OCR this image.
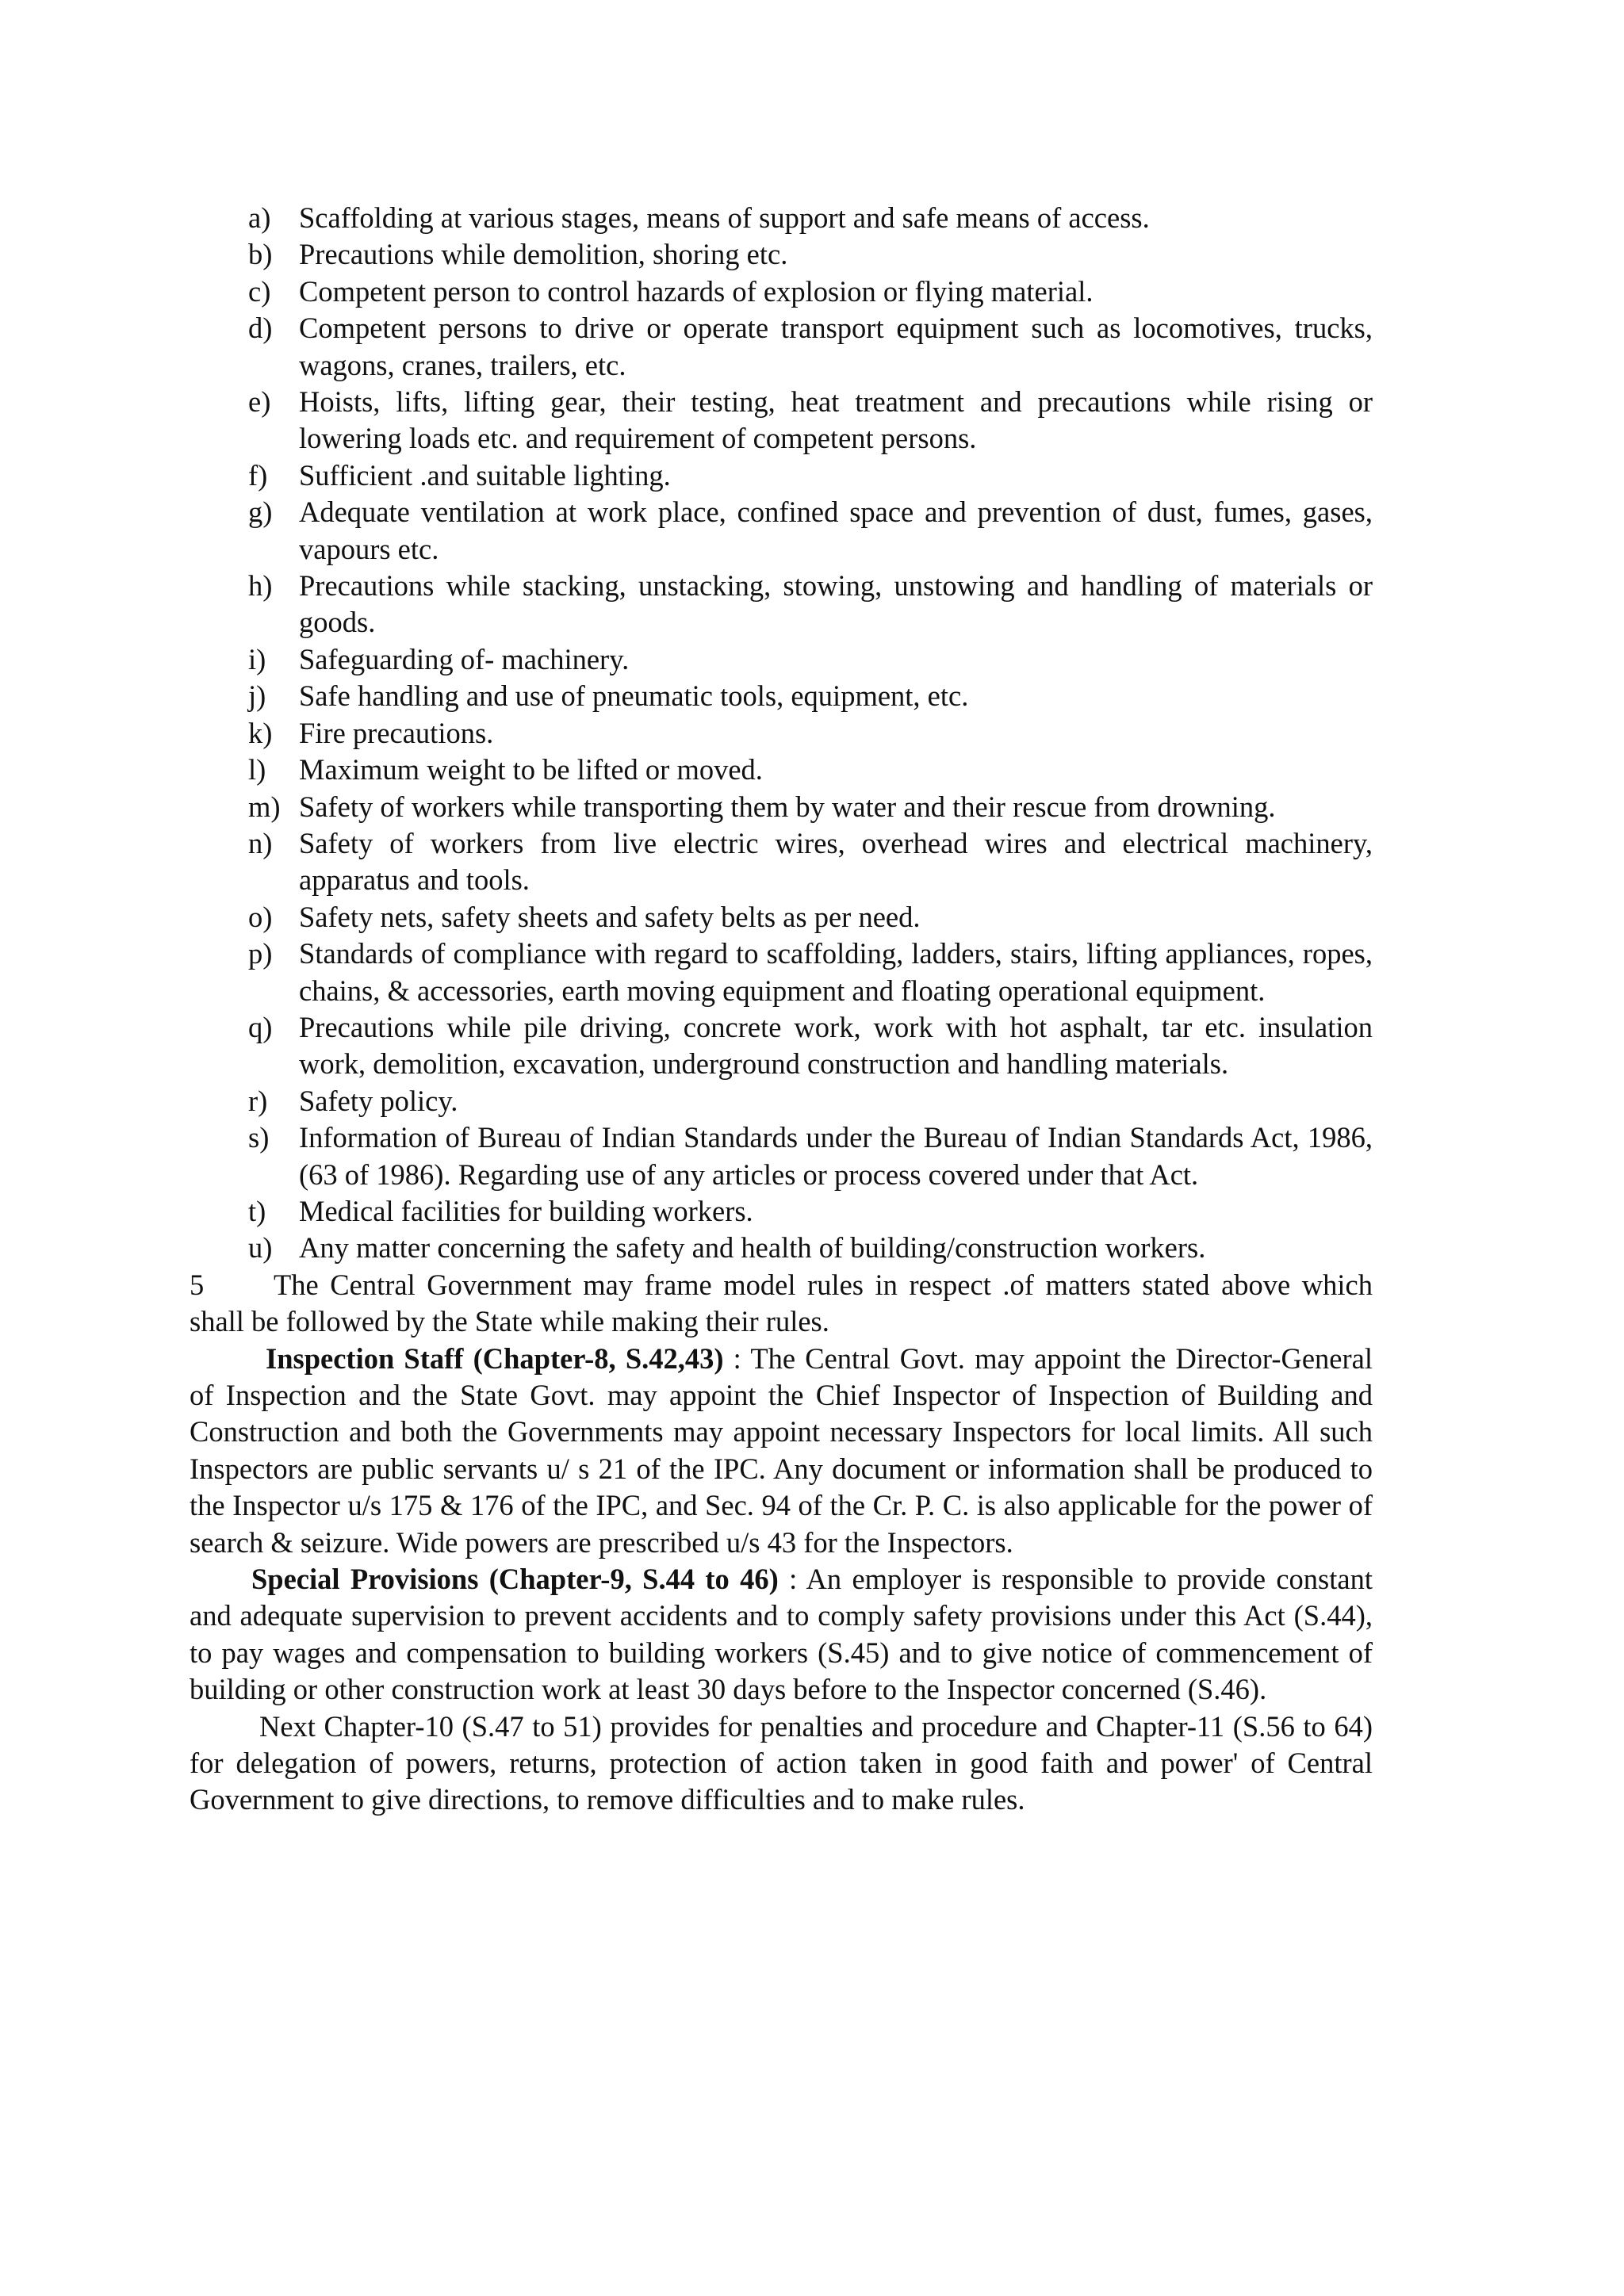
a) Scaffolding at various stages, means of support and safe means of access.
b) Precautions while demolition, shoring etc.
c) Competent person to control hazards of explosion or flying material.
d) Competent persons to drive or operate transport equipment such as locomotives, trucks, wagons, cranes, trailers, etc.
e) Hoists, lifts, lifting gear, their testing, heat treatment and precautions while rising or lowering loads etc. and requirement of competent persons.
f) Sufficient .and suitable lighting.
g) Adequate ventilation at work place, confined space and prevention of dust, fumes, gases, vapours etc.
h) Precautions while stacking, unstacking, stowing, unstowing and handling of materials or goods.
i) Safeguarding of- machinery.
j) Safe handling and use of pneumatic tools, equipment, etc.
k) Fire precautions.
l) Maximum weight to be lifted or moved.
m) Safety of workers while transporting them by water and their rescue from drowning.
n) Safety of workers from live electric wires, overhead wires and electrical machinery, apparatus and tools.
o) Safety nets, safety sheets and safety belts as per need.
p) Standards of compliance with regard to scaffolding, ladders, stairs, lifting appliances, ropes, chains, & accessories, earth moving equipment and floating operational equipment.
q) Precautions while pile driving, concrete work, work with hot asphalt, tar etc. insulation work, demolition, excavation, underground construction and handling materials.
r) Safety policy.
s) Information of Bureau of Indian Standards under the Bureau of Indian Standards Act, 1986, (63 of 1986). Regarding use of any articles or process covered under that Act.
t) Medical facilities for building workers.
u) Any matter concerning the safety and health of building/construction workers.

5 The Central Government may frame model rules in respect .of matters stated above which shall be followed by the State while making their rules.

Inspection Staff (Chapter-8, S.42,43) : The Central Govt. may appoint the Director-General of Inspection and the State Govt. may appoint the Chief Inspector of Inspection of Building and Construction and both the Governments may appoint necessary Inspectors for local limits. All such Inspectors are public servants u/ s 21 of the IPC. Any document or information shall be produced to the Inspector u/s 175 & 176 of the IPC, and Sec. 94 of the Cr. P. C. is also applicable for the power of search & seizure. Wide powers are prescribed u/s 43 for the Inspectors.

Special Provisions (Chapter-9, S.44 to 46) : An employer is responsible to provide constant and adequate supervision to prevent accidents and to comply safety provisions under this Act (S.44), to pay wages and compensation to building workers (S.45) and to give notice of commencement of building or other construction work at least 30 days before to the Inspector concerned (S.46).

Next Chapter-10 (S.47 to 51) provides for penalties and procedure and Chapter-11 (S.56 to 64) for delegation of powers, returns, protection of action taken in good faith and power' of Central Government to give directions, to remove difficulties and to make rules.
